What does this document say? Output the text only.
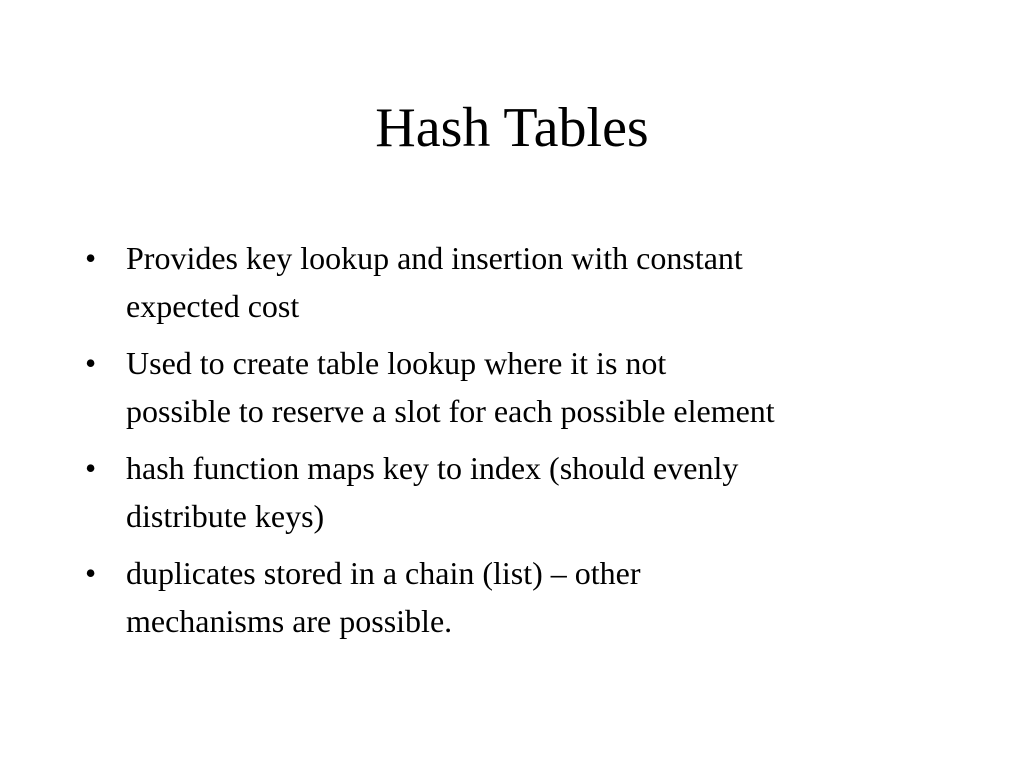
Hash Tables
• Provides key lookup and insertion with constant
expected cost
• Used to create table lookup where it is not
possible to reserve a slot for each possible element
• hash function maps key to index (should evenly
distribute keys)
• duplicates stored in a chain (list) – other
mechanisms are possible.
